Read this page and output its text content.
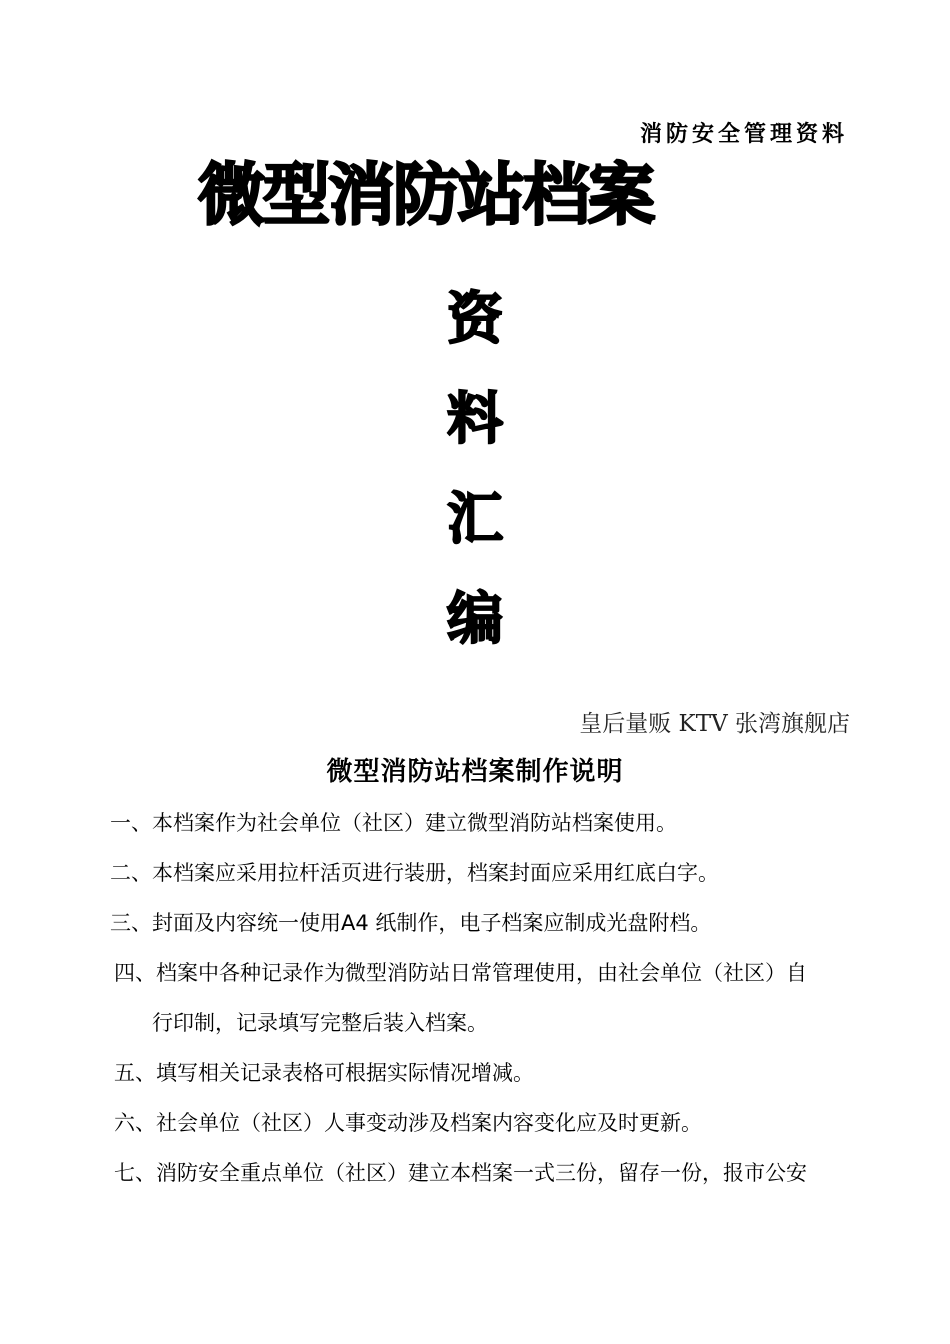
消防安全管理资料
微型消防站档案
资
料
汇
编
皇后量贩 KTV 张湾旗舰店
微型消防站档案制作说明
一、本档案作为社会单位（社区）建立微型消防站档案使用。
二、本档案应采用拉杆活页进行装册，档案封面应采用红底白字。
三、封面及内容统一使用A4 纸制作，电子档案应制成光盘附档。
四、档案中各种记录作为微型消防站日常管理使用，由社会单位（社区）自
行印制，记录填写完整后装入档案。
五、填写相关记录表格可根据实际情况增减。
六、社会单位（社区）人事变动涉及档案内容变化应及时更新。
七、消防安全重点单位（社区）建立本档案一式三份，留存一份，报市公安
